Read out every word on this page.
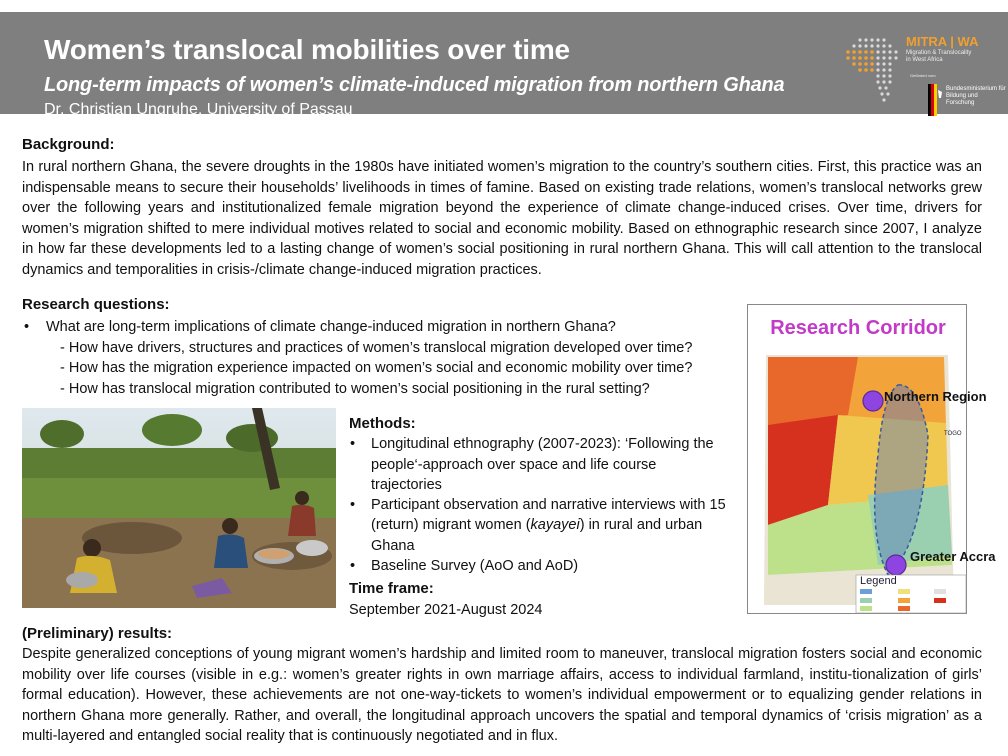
Women’s translocal mobilities over time
Long-term impacts of women’s climate-induced migration from northern Ghana
Dr. Christian Ungruhe, University of Passau
MITRA | WA
Migration & Translocality
in West Africa
Gefördert vom
Bundesministerium für Bildung und Forschung
Background:
In rural northern Ghana, the severe droughts in the 1980s have initiated women’s migration to the country’s southern cities. First, this practice was an indispensable means to secure their households’ livelihoods in times of famine. Based on existing trade relations, women’s translocal networks grew over the following years and institutionalized female migration beyond the experience of climate change-induced crises. Over time, drivers for women’s migration shifted to mere individual motives related to social and economic mobility. Based on ethnographic research since 2007, I analyze in how far these developments led to a lasting change of women’s social positioning in rural northern Ghana. This will call attention to the translocal dynamics and temporalities in crisis-/climate change-induced migration practices.
Research questions:
• What are long-term implications of climate change-induced migration in northern Ghana?
- How have drivers, structures and practices of women’s translocal migration developed over time?
- How has the migration experience impacted on women’s social and economic mobility over time?
- How has translocal migration contributed to women’s social positioning in the rural setting?
Methods:
• Longitudinal ethnography (2007-2023): ‘Following the people‘-approach over space and life course trajectories
• Participant observation and narrative interviews with 15 (return) migrant women (kayayei) in rural and urban Ghana
• Baseline Survey (AoO and AoD)
Time frame:
September 2021-August 2024
Research Corridor
Northern Region
Greater Accra
Legend
TOGO
(Preliminary) results:
Despite generalized conceptions of young migrant women’s hardship and limited room to maneuver, translocal migration fosters social and economic mobility over life courses (visible in e.g.: women’s greater rights in own marriage affairs, access to individual farmland, institu-tionalization of girls’ formal education). However, these achievements are not one-way-tickets to women’s individual empowerment or to equalizing gender relations in northern Ghana more generally. Rather, and overall, the longitudinal approach uncovers the spatial and temporal dynamics of ‘crisis migration’ as a multi-layered and entangled social reality that is continuously negotiated and in flux.
